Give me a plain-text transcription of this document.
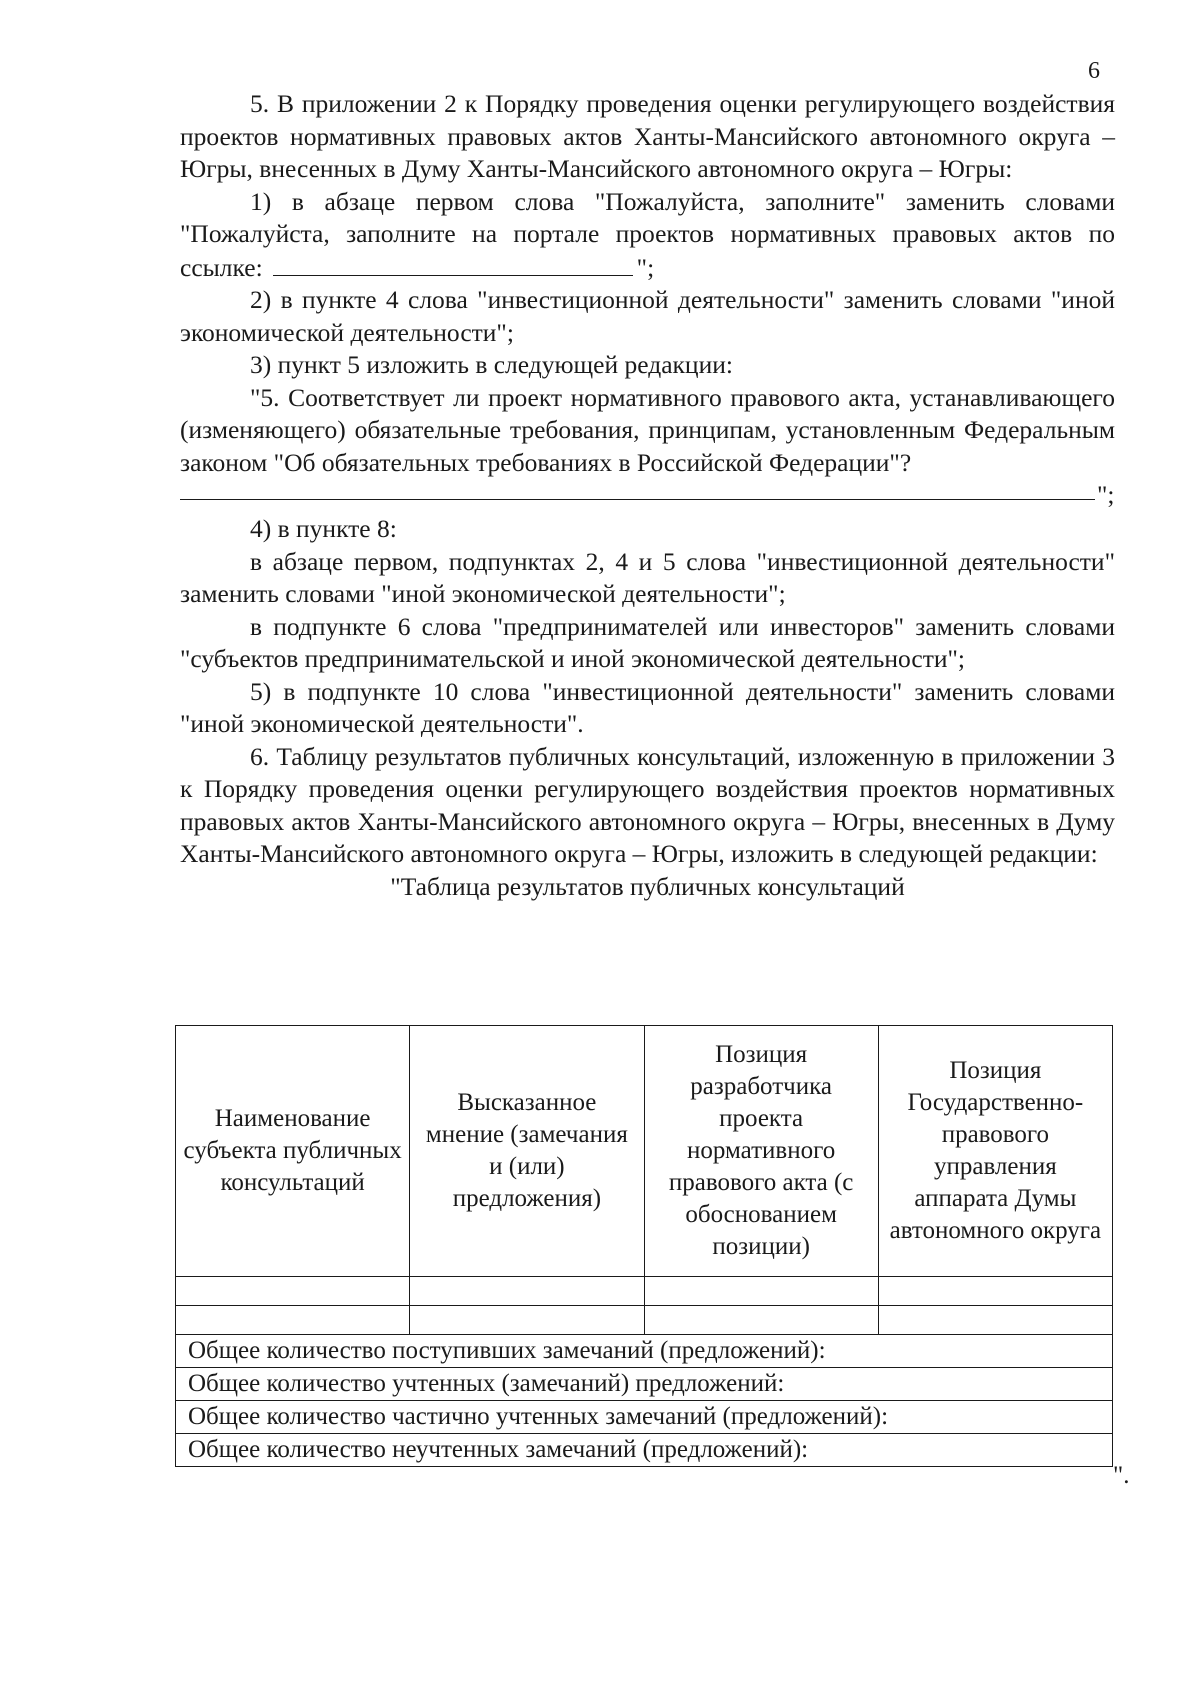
6

5. В приложении 2 к Порядку проведения оценки регулирующего воздействия проектов нормативных правовых актов Ханты-Мансийского автономного округа – Югры, внесенных в Думу Ханты-Мансийского автономного округа – Югры:

1) в абзаце первом слова "Пожалуйста, заполните" заменить словами "Пожалуйста, заполните на портале проектов нормативных правовых актов по ссылке:	";

2) в пункте 4 слова "инвестиционной деятельности" заменить словами "иной экономической деятельности";

3) пункт 5 изложить в следующей редакции:

"5. Соответствует ли проект нормативного правового акта, устанавливающего (изменяющего) обязательные требования, принципам, установленным Федеральным законом "Об обязательных требованиях в Российской Федерации"?

";

4) в пункте 8:

в абзаце первом, подпунктах 2, 4 и 5 слова "инвестиционной деятельности" заменить словами "иной экономической деятельности";

в подпункте 6 слова "предпринимателей или инвесторов" заменить словами "субъектов предпринимательской и иной экономической деятельности";

5) в подпункте 10 слова "инвестиционной деятельности" заменить словами "иной экономической деятельности".

6. Таблицу результатов публичных консультаций, изложенную в приложении 3 к Порядку проведения оценки регулирующего воздействия проектов нормативных правовых актов Ханты-Мансийского автономного округа – Югры, внесенных в Думу Ханты-Мансийского автономного округа – Югры, изложить в следующей редакции:

"Таблица результатов публичных консультаций

Наименование субъекта публичных консультаций	Высказанное мнение (замечания и (или) предложения)	Позиция разработчика проекта нормативного правового акта (с обоснованием позиции)	Позиция Государственно-правового управления аппарата Думы автономного округа

Общее количество поступивших замечаний (предложений):			
Общее количество учтенных (замечаний) предложений:			
Общее количество частично учтенных замечаний (предложений):			
Общее количество неучтенных замечаний (предложений):			
".
